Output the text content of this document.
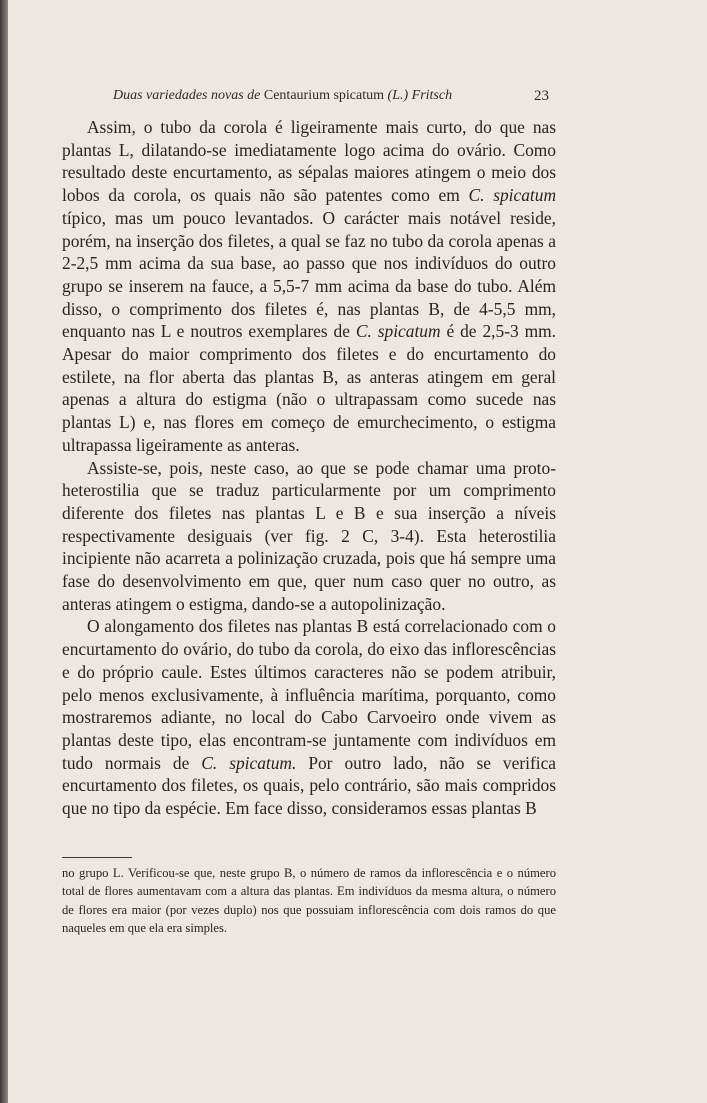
Duas variedades novas de Centaurium spicatum (L.) Fritsch	23

Assim, o tubo da corola é ligeiramente mais curto, do que nas plantas L, dilatando-se imediatamente logo acima do ovário. Como resultado deste encurtamento, as sépalas maiores atingem o meio dos lobos da corola, os quais não são patentes como em C. spicatum típico, mas um pouco levantados. O carácter mais notável reside, porém, na inserção dos filetes, a qual se faz no tubo da corola apenas a 2-2,5 mm acima da sua base, ao passo que nos indivíduos do outro grupo se inserem na fauce, a 5,5-7 mm acima da base do tubo. Além disso, o comprimento dos filetes é, nas plantas B, de 4-5,5 mm, enquanto nas L e noutros exemplares de C. spicatum é de 2,5-3 mm. Apesar do maior comprimento dos filetes e do encurtamento do estilete, na flor aberta das plantas B, as anteras atingem em geral apenas a altura do estigma (não o ultrapassam como sucede nas plantas L) e, nas flores em começo de emurchecimento, o estigma ultrapassa ligeiramente as anteras.

Assiste-se, pois, neste caso, ao que se pode chamar uma proto-heterostilia que se traduz particularmente por um comprimento diferente dos filetes nas plantas L e B e sua inserção a níveis respectivamente desiguais (ver fig. 2 C, 3-4). Esta heterostilia incipiente não acarreta a polinização cruzada, pois que há sempre uma fase do desenvolvimento em que, quer num caso quer no outro, as anteras atingem o estigma, dando-se a autopolinização.

O alongamento dos filetes nas plantas B está correlacionado com o encurtamento do ovário, do tubo da corola, do eixo das inflorescências e do próprio caule. Estes últimos caracteres não se podem atribuir, pelo menos exclusivamente, à influência marítima, porquanto, como mostraremos adiante, no local do Cabo Carvoeiro onde vivem as plantas deste tipo, elas encontram-se juntamente com indivíduos em tudo normais de C. spicatum. Por outro lado, não se verifica encurtamento dos filetes, os quais, pelo contrário, são mais compridos que no tipo da espécie. Em face disso, consideramos essas plantas B

no grupo L. Verificou-se que, neste grupo B, o número de ramos da inflorescência e o número total de flores aumentavam com a altura das plantas. Em indivíduos da mesma altura, o número de flores era maior (por vezes duplo) nos que possuiam inflorescência com dois ramos do que naqueles em que ela era simples.
